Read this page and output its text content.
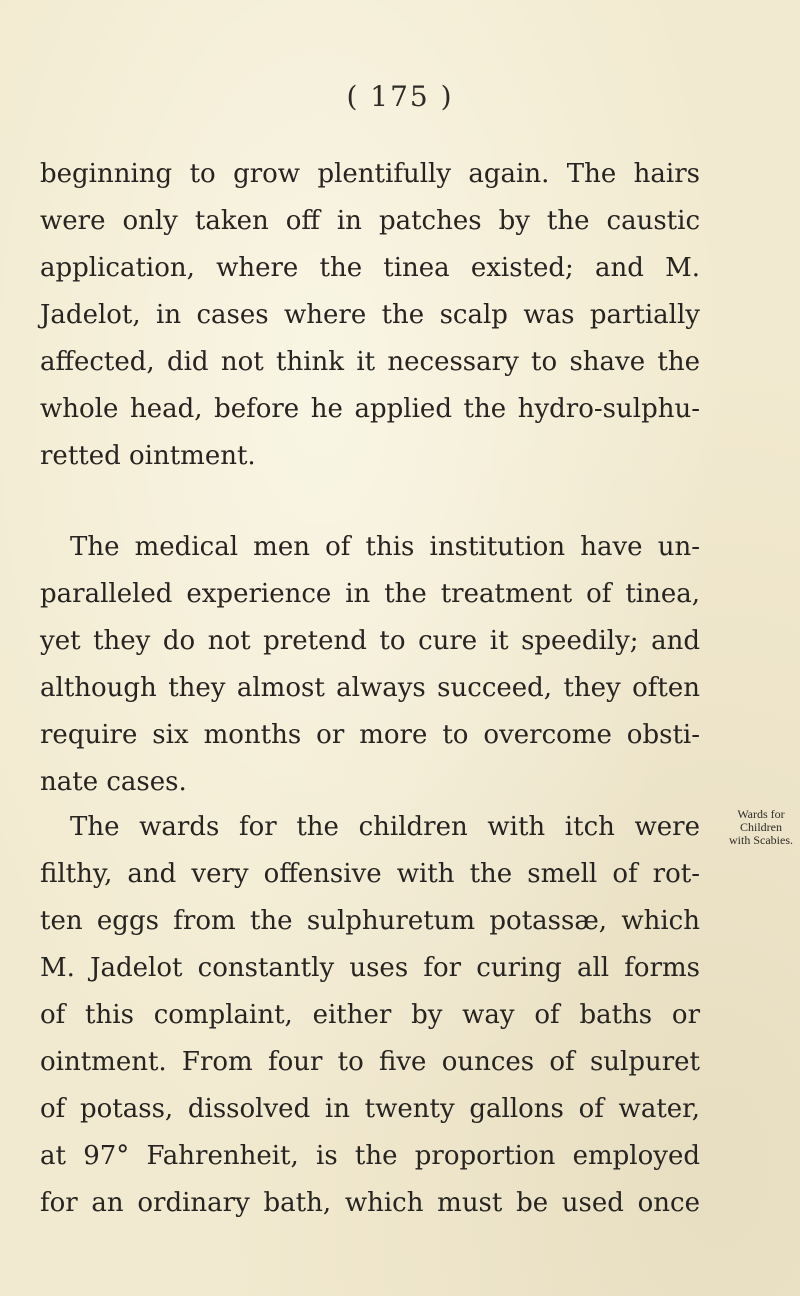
( 175 )
beginning to grow plentifully again. The hairs
were only taken off in patches by the caustic
application, where the tinea existed; and M.
Jadelot, in cases where the scalp was partially
affected, did not think it necessary to shave the
whole head, before he applied the hydro-sulphu-
retted ointment.
The medical men of this institution have un-
paralleled experience in the treatment of tinea,
yet they do not pretend to cure it speedily; and
although they almost always succeed, they often
require six months or more to overcome obsti-
nate cases.
The wards for the children with itch were
filthy, and very offensive with the smell of rot-
ten eggs from the sulphuretum potassæ, which
M. Jadelot constantly uses for curing all forms
of this complaint, either by way of baths or
ointment. From four to five ounces of sulpuret
of potass, dissolved in twenty gallons of water,
at 97° Fahrenheit, is the proportion employed
for an ordinary bath, which must be used once
Wards for
Children
with Scabies.
